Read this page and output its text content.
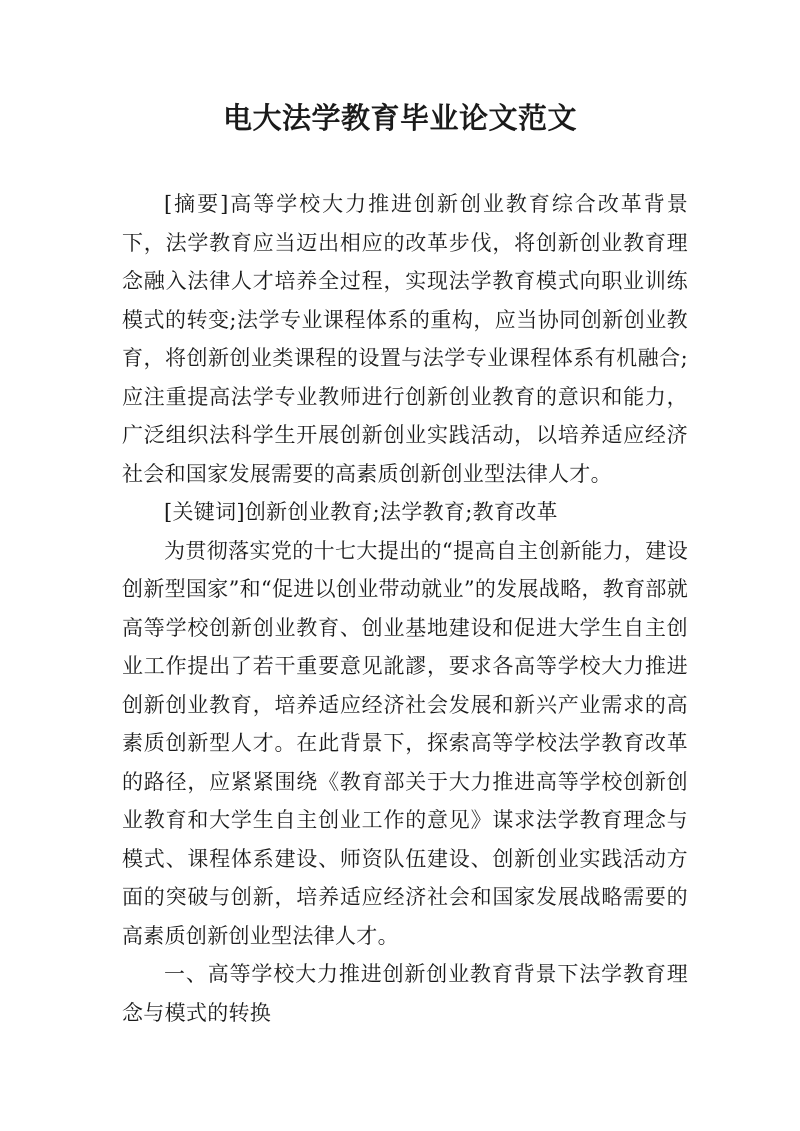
电大法学教育毕业论文范文

[摘要]高等学校大力推进创新创业教育综合改革背景下，法学教育应当迈出相应的改革步伐，将创新创业教育理念融入法律人才培养全过程，实现法学教育模式向职业训练模式的转变;法学专业课程体系的重构，应当协同创新创业教育，将创新创业类课程的设置与法学专业课程体系有机融合;应注重提高法学专业教师进行创新创业教育的意识和能力，广泛组织法科学生开展创新创业实践活动，以培养适应经济社会和国家发展需要的高素质创新创业型法律人才。

[关键词]创新创业教育;法学教育;教育改革

为贯彻落实党的十七大提出的“提高自主创新能力，建设创新型国家”和“促进以创业带动就业”的发展战略，教育部就高等学校创新创业教育、创业基地建设和促进大学生自主创业工作提出了若干重要意见訛謬，要求各高等学校大力推进创新创业教育，培养适应经济社会发展和新兴产业需求的高素质创新型人才。在此背景下，探索高等学校法学教育改革的路径，应紧紧围绕《教育部关于大力推进高等学校创新创业教育和大学生自主创业工作的意见》谋求法学教育理念与模式、课程体系建设、师资队伍建设、创新创业实践活动方面的突破与创新，培养适应经济社会和国家发展战略需要的高素质创新创业型法律人才。

一、高等学校大力推进创新创业教育背景下法学教育理念与模式的转换
